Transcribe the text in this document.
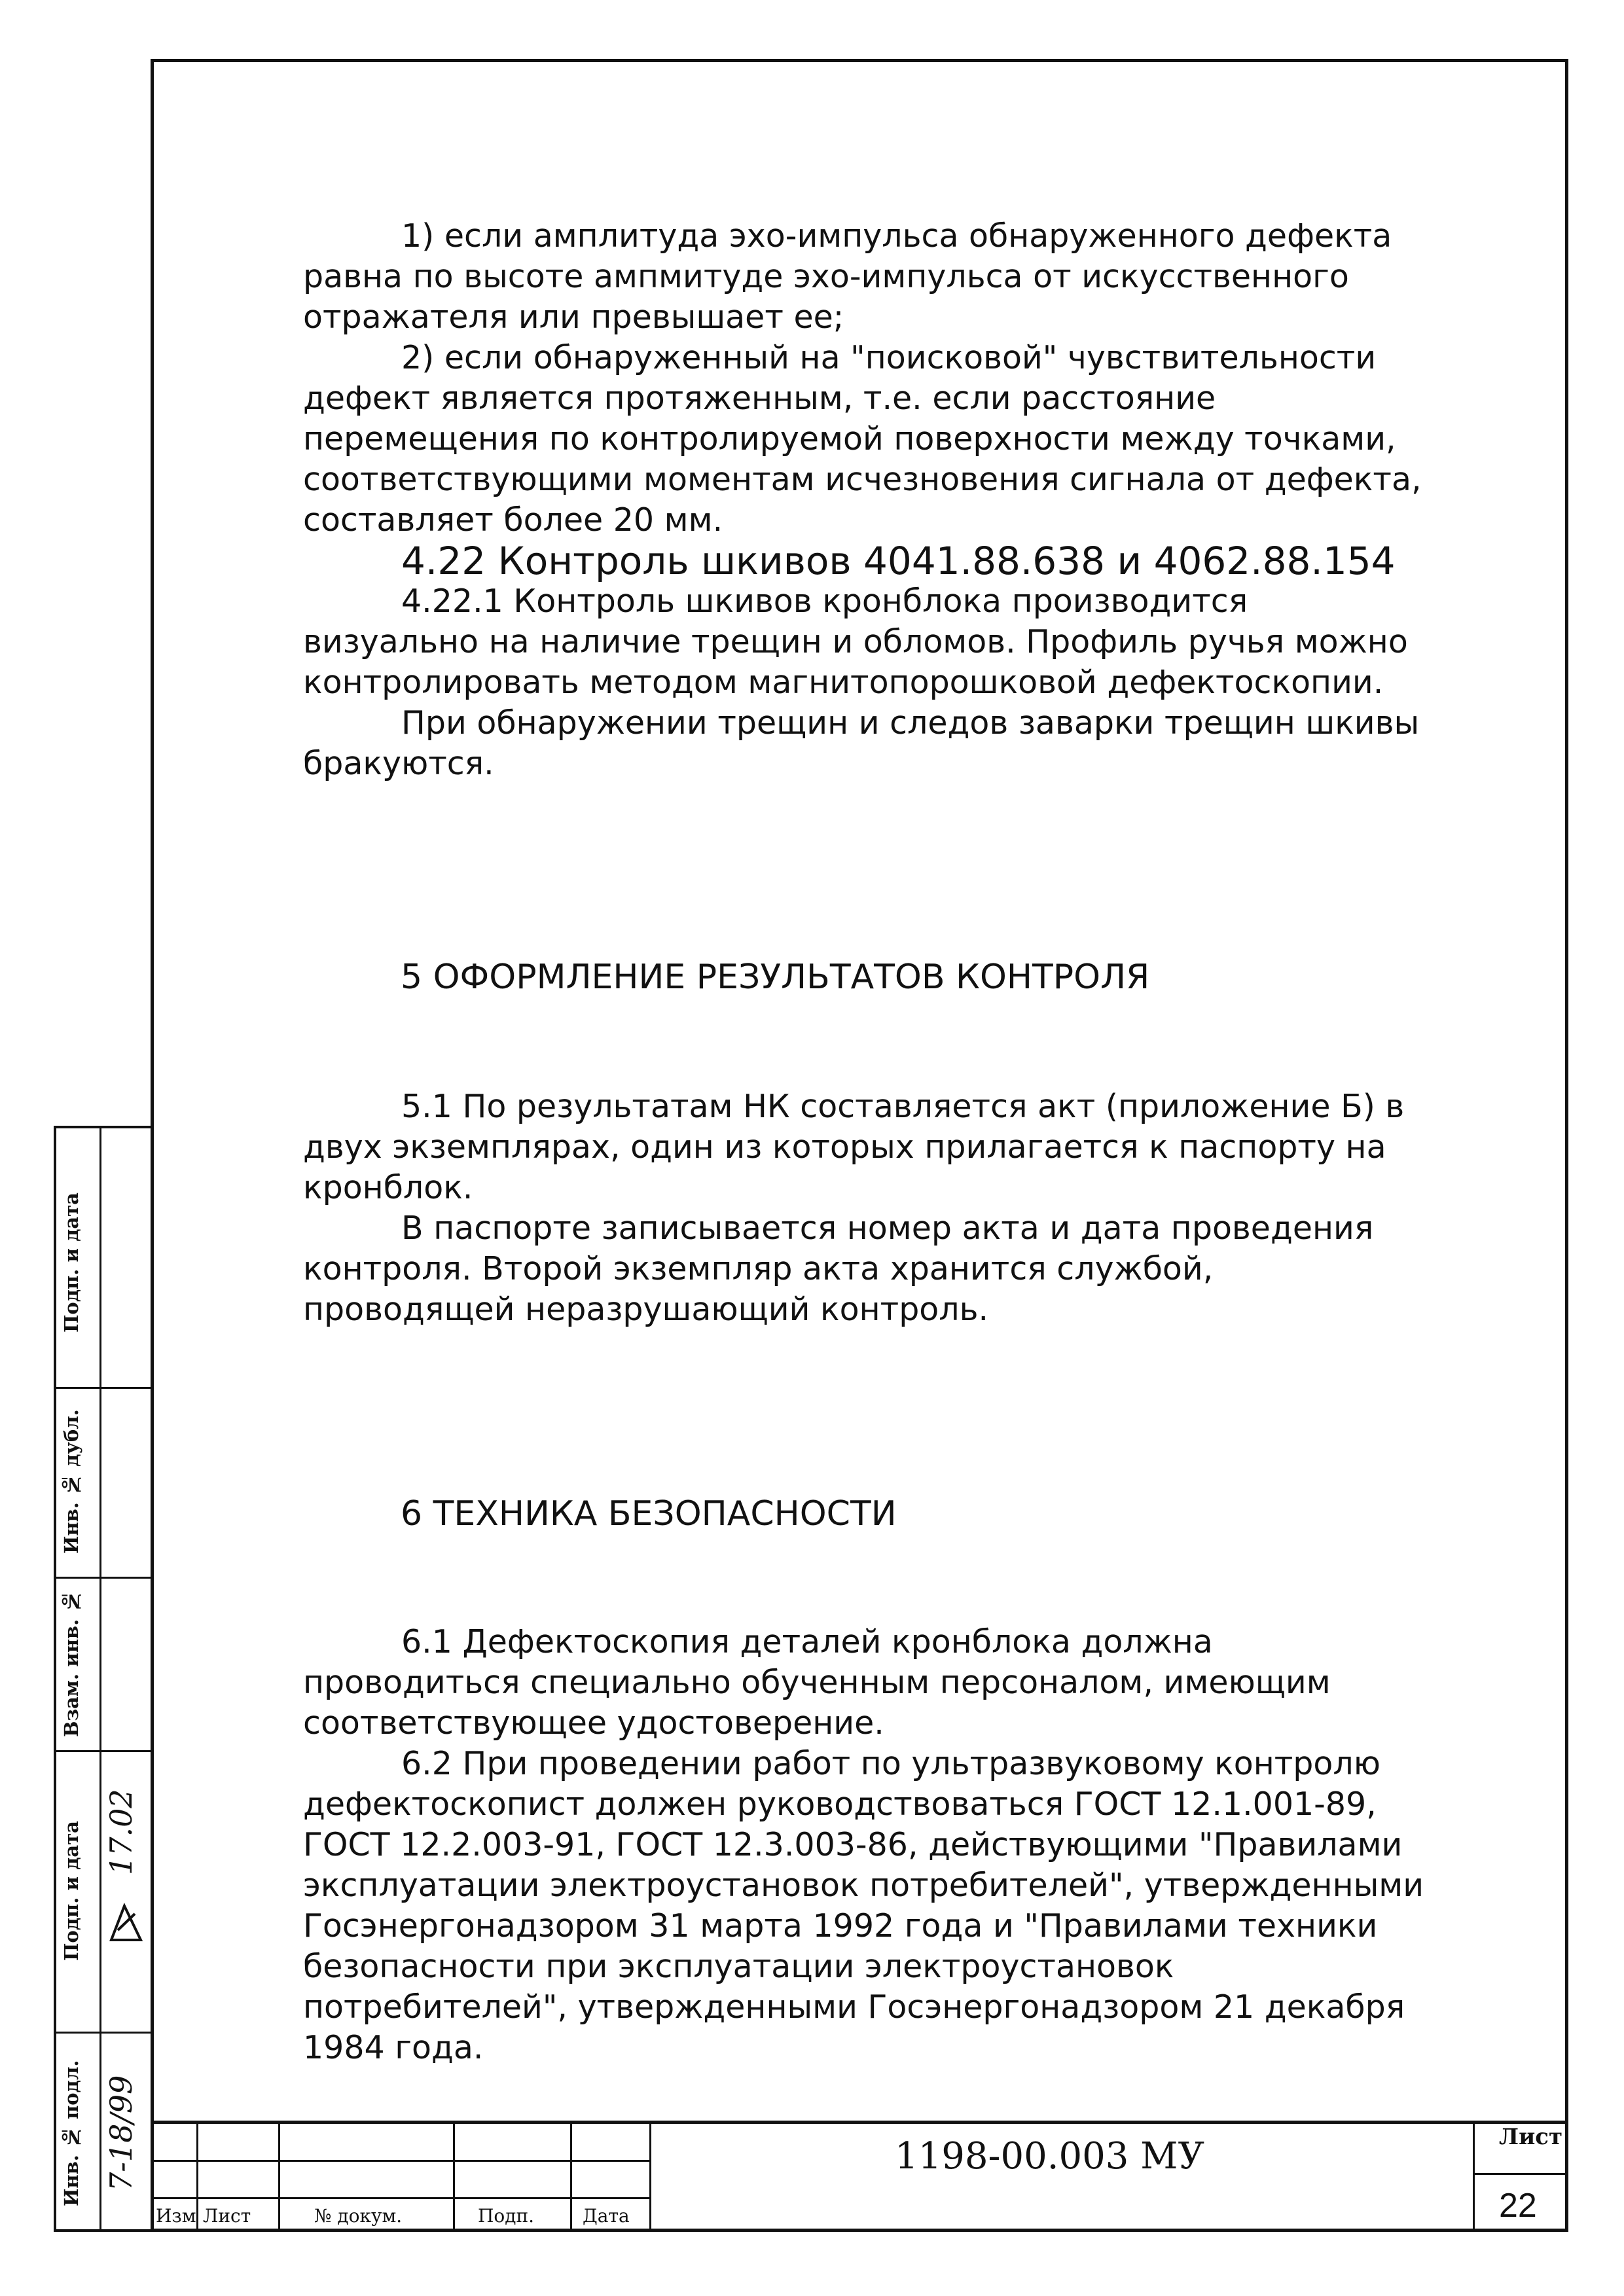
1) если амплитуда эхо-импульса обнаруженного дефекта равна по высоте ампмитуде эхо-импульса от искусственного отражателя или превышает ее;

2) если обнаруженный на "поисковой" чувствительности дефект является протяженным, т.е. если расстояние перемещения по контролируемой поверхности между точками, соответствующими моментам исчезновения сигнала от дефекта, составляет более 20 мм.

4.22 Контроль шкивов 4041.88.638 и 4062.88.154

4.22.1 Контроль шкивов кронблока производится визуально на наличие трещин и обломов. Профиль ручья можно контролировать методом магнитопорошковой дефектоскопии.

При обнаружении трещин и следов заварки трещин шкивы бракуются.

5 ОФОРМЛЕНИЕ РЕЗУЛЬТАТОВ КОНТРОЛЯ

5.1 По результатам НК составляется акт (приложение Б) в двух экземплярах, один из которых прилагается к паспорту на кронблок.

В паспорте записывается номер акта и дата проведения контроля. Второй экземпляр акта хранится службой, проводящей неразрушающий контроль.

6 ТЕХНИКА БЕЗОПАСНОСТИ

6.1 Дефектоскопия деталей кронблока должна проводиться специально обученным персоналом, имеющим соответствующее удостоверение.

6.2 При проведении работ по ультразвуковому контролю дефектоскопист должен руководствоваться ГОСТ 12.1.001-89, ГОСТ 12.2.003-91, ГОСТ 12.3.003-86, действующими "Правилами эксплуатации электроустановок потребителей", утвержденными Госэнергонадзором 31 марта 1992 года и "Правилами техники безопасности при эксплуатации электроустановок потребителей", утвержденными Госэнергонадзором 21 декабря 1984 года.

Подп. и дата
Инв. № дубл.
Взам. инв. №
Подп. и дата
Инв. № подл.
17.02
7-18/99
Изм Лист	№ докум.	Подп.	Дата
1198-00.003 МУ	Лист
22
